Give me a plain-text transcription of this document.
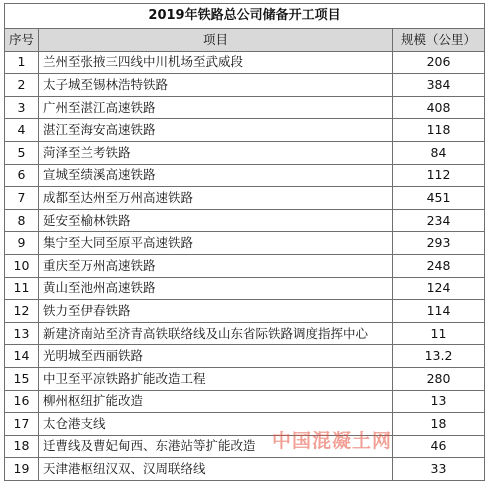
2019年铁路总公司储备开工项目		
序号	项目	规模（公里）
1	兰州至张掖三四线中川机场至武威段	206
2	太子城至锡林浩特铁路	384
3	广州至湛江高速铁路	408
4	湛江至海安高速铁路	118
5	菏泽至兰考铁路	84
6	宣城至绩溪高速铁路	112
7	成都至达州至万州高速铁路	451
8	延安至榆林铁路	234
9	集宁至大同至原平高速铁路	293
10	重庆至万州高速铁路	248
11	黄山至池州高速铁路	124
12	铁力至伊春铁路	114
13	新建济南站至济青高铁联络线及山东省际铁路调度指挥中心	11
14	光明城至西丽铁路	13.2
15	中卫至平凉铁路扩能改造工程	280
16	柳州枢纽扩能改造	13
17	太仓港支线	18
18	迁曹线及曹妃甸西、东港站等扩能改造	46
19	天津港枢纽汉双、汉周联络线	33
中国混凝土网
